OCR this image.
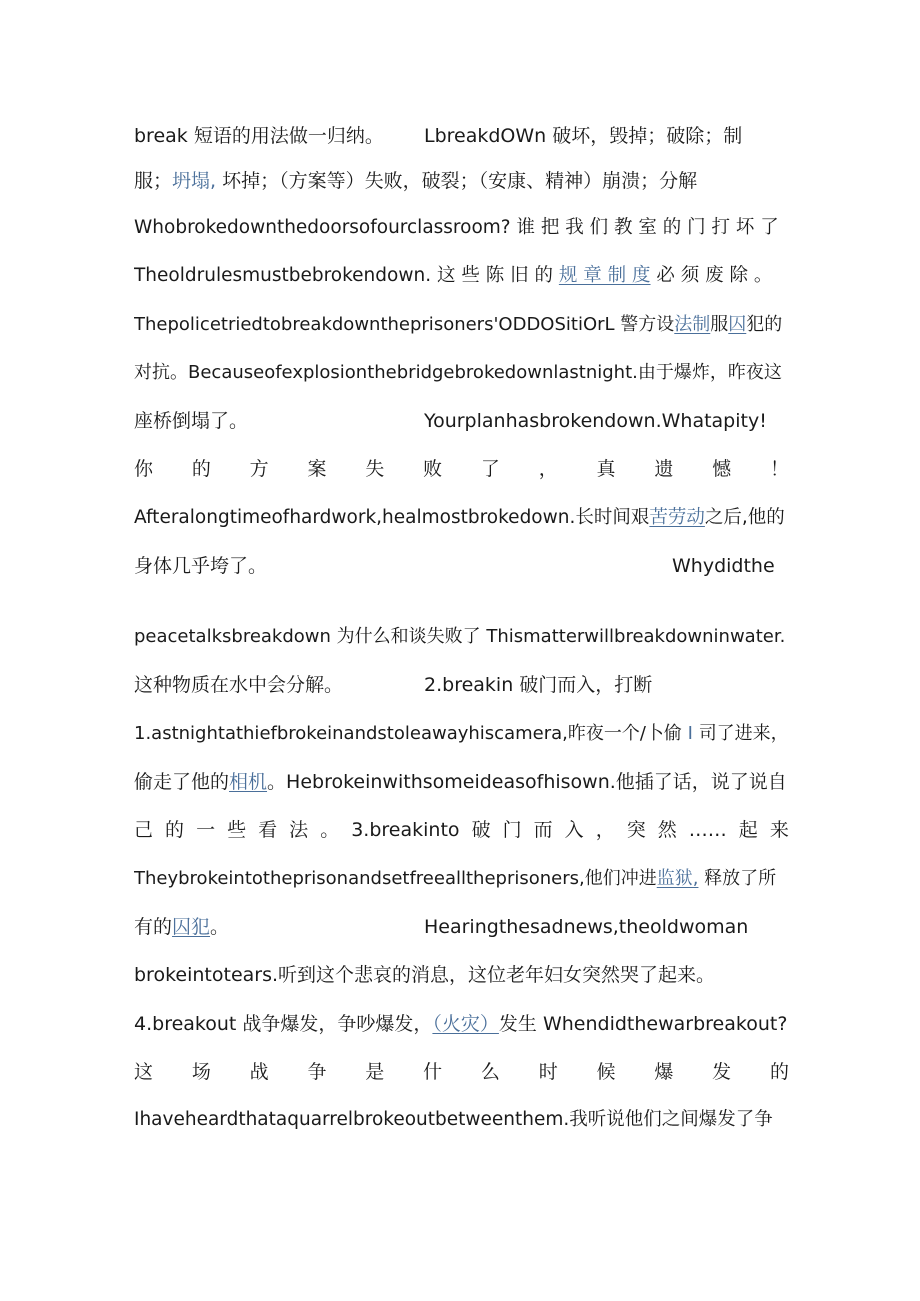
break 短语的用法做一归纳。 LbreakdOWn 破坏，毁掉；破除；制
服；坍塌, 坏掉；（方案等）失败，破裂；（安康、精神）崩溃；分解
Whobrokedownthedoorsofourclassroom? 谁 把 我 们 教 室 的 门 打 坏 了
Theoldrulesmustbebrokendown. 这 些 陈 旧 的 规 章 制 度 必 须 废 除 。
Thepolicetriedtobreakdowntheprisoners'ODDOSitiOrL 警方设法制服囚犯的
对抗。Becauseofexplosionthebridgebrokedownlastnight.由于爆炸，昨夜这
座桥倒塌了。	Yourplanhasbrokendown.Whatapity!
你 的 方 案 失 败 了 ， 真 遗 憾 ！
Afteralongtimeofhardwork,healmostbrokedown.长时间艰苦劳动之后,他的
身体几乎垮了。	Whydidthe
peacetalksbreakdown 为什么和谈失败了 Thismatterwillbreakdowninwater.
这种物质在水中会分解。	2.breakin 破门而入，打断
1.astnightathiefbrokeinandstoleawayhiscamera,昨夜一个/卜偷 I 司了进来，
偷走了他的相机。Hebrokeinwithsomeideasofhisown.他插了话，说了说自
己 的 一 些 看 法 。 3.breakinto 破 门 而 入 ， 突 然 …… 起 来
Theybrokeintotheprisonandsetfreealltheprisoners,他们冲进监狱, 释放了所
有的囚犯。	Hearingthesadnews,theoldwoman
brokeintotears.听到这个悲哀的消息，这位老年妇女突然哭了起来。
4.breakout 战争爆发，争吵爆发，（火灾）发生 Whendidthewarbreakout?
这 场 战 争 是 什 么 时 候 爆 发 的
Ihaveheardthataquarrelbrokeoutbetweenthem.我听说他们之间爆发了争
